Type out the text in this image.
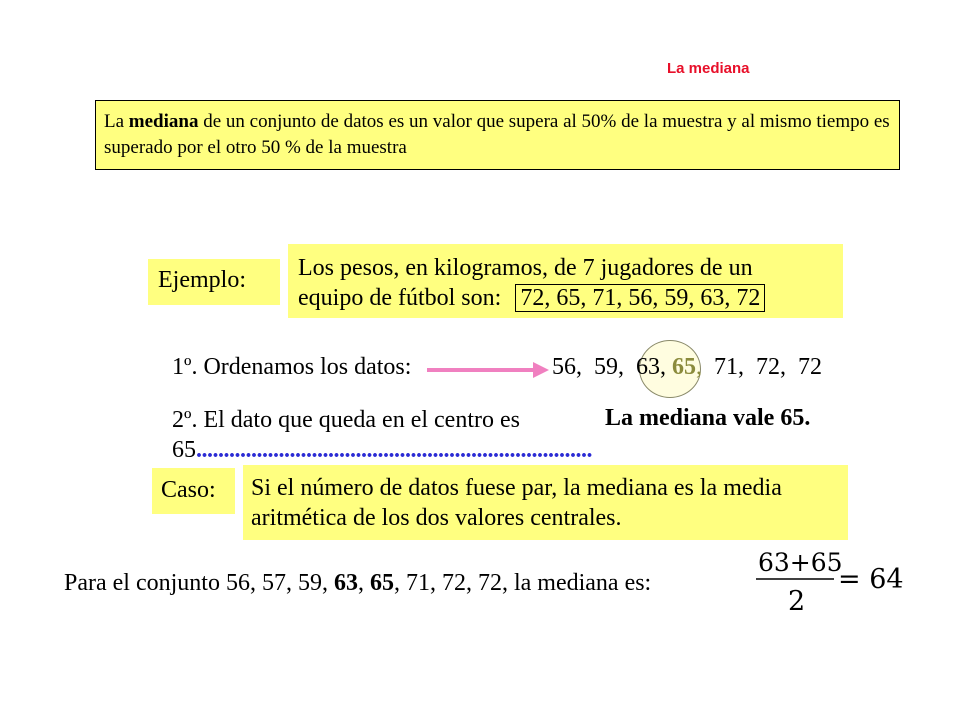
La mediana
La mediana de un conjunto de datos es un valor que supera al 50% de la muestra y al mismo tiempo es superado por el otro 50 % de la muestra
Ejemplo:	Los pesos, en kilogramos, de 7 jugadores de un
equipo de fútbol son: 72, 65, 71, 56, 59, 63, 72
1º. Ordenamos los datos:	56,  59,  63, 65,  71,  72,  72
2º. El dato que queda en el centro es 65........................................................................
La mediana vale 65.
Caso:	Si el número de datos fuese par, la mediana es la media aritmética de los dos valores centrales.
Para el conjunto 56, 57, 59, 63, 65, 71, 72, 72, la mediana es:
63+65
2
= 64
